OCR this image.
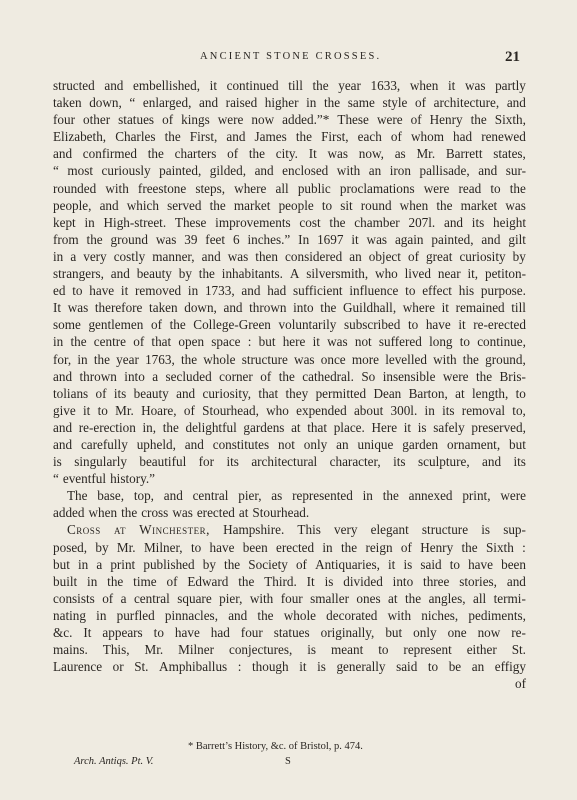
ANCIENT STONE CROSSES.	21
structed and embellished, it continued till the year 1633, when it was partly
taken down, “ enlarged, and raised higher in the same style of architecture, and
four other statues of kings were now added.”* These were of Henry the Sixth,
Elizabeth, Charles the First, and James the First, each of whom had renewed
and confirmed the charters of the city. It was now, as Mr. Barrett states,
“ most curiously painted, gilded, and enclosed with an iron pallisade, and sur-
rounded with freestone steps, where all public proclamations were read to the
people, and which served the market people to sit round when the market was
kept in High-street. These improvements cost the chamber 207l. and its height
from the ground was 39 feet 6 inches.” In 1697 it was again painted, and gilt
in a very costly manner, and was then considered an object of great curiosity by
strangers, and beauty by the inhabitants. A silversmith, who lived near it, petiton-
ed to have it removed in 1733, and had sufficient influence to effect his purpose.
It was therefore taken down, and thrown into the Guildhall, where it remained till
some gentlemen of the College-Green voluntarily subscribed to have it re-erected
in the centre of that open space : but here it was not suffered long to continue,
for, in the year 1763, the whole structure was once more levelled with the ground,
and thrown into a secluded corner of the cathedral. So insensible were the Bris-
tolians of its beauty and curiosity, that they permitted Dean Barton, at length, to
give it to Mr. Hoare, of Stourhead, who expended about 300l. in its removal to,
and re-erection in, the delightful gardens at that place. Here it is safely preserved,
and carefully upheld, and constitutes not only an unique garden ornament, but
is singularly beautiful for its architectural character, its sculpture, and its
“ eventful history.”
The base, top, and central pier, as represented in the annexed print, were
added when the cross was erected at Stourhead.
Cross at Winchester, Hampshire. This very elegant structure is sup-
posed, by Mr. Milner, to have been erected in the reign of Henry the Sixth :
but in a print published by the Society of Antiquaries, it is said to have been
built in the time of Edward the Third. It is divided into three stories, and
consists of a central square pier, with four smaller ones at the angles, all termi-
nating in purfled pinnacles, and the whole decorated with niches, pediments,
&c. It appears to have had four statues originally, but only one now re-
mains. This, Mr. Milner conjectures, is meant to represent either St.
Laurence or St. Amphiballus : though it is generally said to be an effigy
of
* Barrett’s History, &c. of Bristol, p. 474.
Arch. Antiqs. Pt. V.	S
